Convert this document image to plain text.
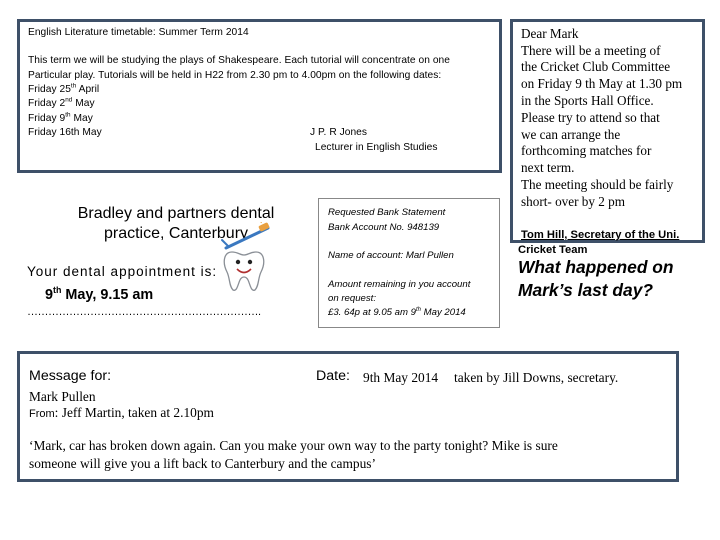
English Literature timetable: Summer Term 2014
This term we will be studying the plays of Shakespeare. Each tutorial will concentrate on one
Particular play. Tutorials will be held in H22 from 2.30 pm to 4.00pm on the following dates:
Friday 25th April
Friday 2nd May
Friday 9th May
Friday 16th May	J P. R Jones
Lecturer in English Studies
Dear Mark
There will be a meeting of
the Cricket Club Committee
on Friday 9 th May at 1.30 pm
in the Sports Hall Office.
Please try to attend so that
we can arrange the
forthcoming matches for
next term.
The meeting should be fairly
short- over by 2 pm
Tom Hill, Secretary of the Uni.
Cricket Team
What happened on
Mark’s last day?
Bradley and partners dental
practice, Canterbury
Your dental appointment is:
9th May, 9.15 am
………………………………………………………….
Requested Bank Statement
Bank Account No. 948139
Name of account: Marl Pullen
Amount remaining in you account
on request:
£3. 64p at 9.05 am 9th May 2014
Message for:	Date: 9th May 2014 taken by Jill Downs, secretary.
Mark Pullen
From: Jeff Martin, taken at 2.10pm
‘Mark, car has broken down again. Can you make your own way to the party tonight? Mike is sure
someone will give you a lift back to Canterbury and the campus’
